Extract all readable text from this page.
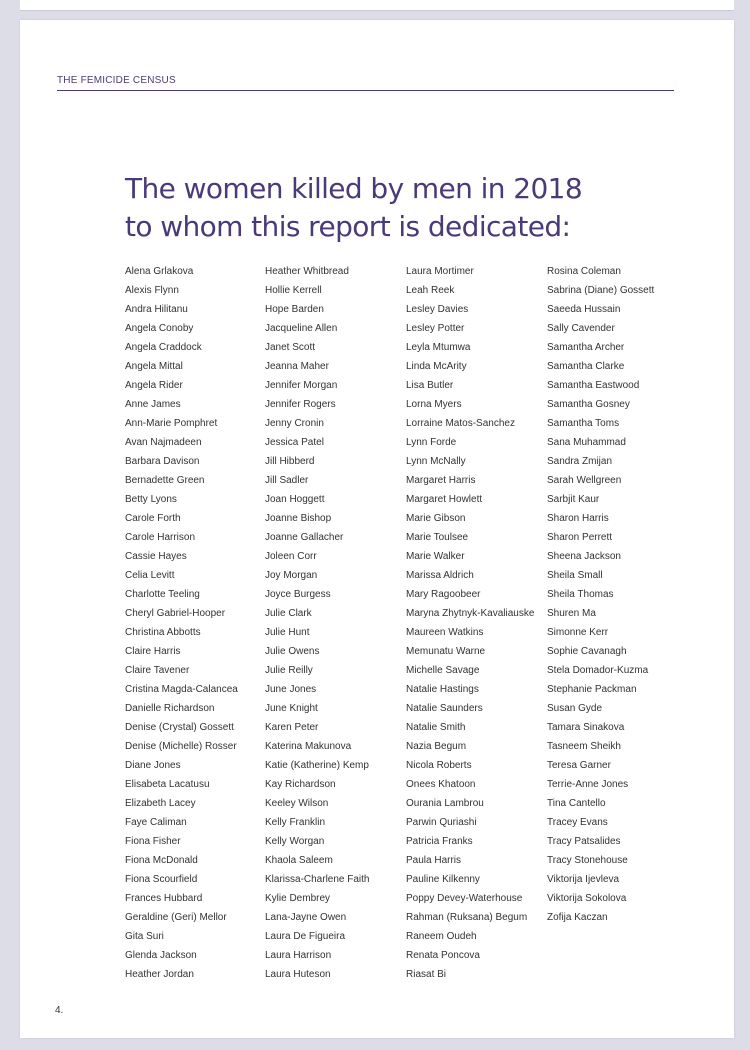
THE FEMICIDE CENSUS
The women killed by men in 2018
to whom this report is dedicated:
Alena Grlakova
Alexis Flynn
Andra Hilitanu
Angela Conoby
Angela Craddock
Angela Mittal
Angela Rider
Anne James
Ann-Marie Pomphret
Avan Najmadeen
Barbara Davison
Bernadette Green
Betty Lyons
Carole Forth
Carole Harrison
Cassie Hayes
Celia Levitt
Charlotte Teeling
Cheryl Gabriel-Hooper
Christina Abbotts
Claire Harris
Claire Tavener
Cristina Magda-Calancea
Danielle Richardson
Denise (Crystal) Gossett
Denise (Michelle) Rosser
Diane Jones
Elisabeta Lacatusu
Elizabeth Lacey
Faye Caliman
Fiona Fisher
Fiona McDonald
Fiona Scourfield
Frances Hubbard
Geraldine (Geri) Mellor
Gita Suri
Glenda Jackson
Heather Jordan
Heather Whitbread
Hollie Kerrell
Hope Barden
Jacqueline Allen
Janet Scott
Jeanna Maher
Jennifer Morgan
Jennifer Rogers
Jenny Cronin
Jessica Patel
Jill Hibberd
Jill Sadler
Joan Hoggett
Joanne Bishop
Joanne Gallacher
Joleen Corr
Joy Morgan
Joyce Burgess
Julie Clark
Julie Hunt
Julie Owens
Julie Reilly
June Jones
June Knight
Karen Peter
Katerina Makunova
Katie (Katherine) Kemp
Kay Richardson
Keeley Wilson
Kelly Franklin
Kelly Worgan
Khaola Saleem
Klarissa-Charlene Faith
Kylie Dembrey
Lana-Jayne Owen
Laura De Figueira
Laura Harrison
Laura Huteson
Laura Mortimer
Leah Reek
Lesley Davies
Lesley Potter
Leyla Mtumwa
Linda McArity
Lisa Butler
Lorna Myers
Lorraine Matos-Sanchez
Lynn Forde
Lynn McNally
Margaret Harris
Margaret Howlett
Marie Gibson
Marie Toulsee
Marie Walker
Marissa Aldrich
Mary Ragoobeer
Maryna Zhytnyk-Kavaliauske
Maureen Watkins
Memunatu Warne
Michelle Savage
Natalie Hastings
Natalie Saunders
Natalie Smith
Nazia Begum
Nicola Roberts
Onees Khatoon
Ourania Lambrou
Parwin Quriashi
Patricia Franks
Paula Harris
Pauline Kilkenny
Poppy Devey-Waterhouse
Rahman (Ruksana) Begum
Raneem Oudeh
Renata Poncova
Riasat Bi
Rosina Coleman
Sabrina (Diane) Gossett
Saeeda Hussain
Sally Cavender
Samantha Archer
Samantha Clarke
Samantha Eastwood
Samantha Gosney
Samantha Toms
Sana Muhammad
Sandra Zmijan
Sarah Wellgreen
Sarbjit Kaur
Sharon Harris
Sharon Perrett
Sheena Jackson
Sheila Small
Sheila Thomas
Shuren Ma
Simonne Kerr
Sophie Cavanagh
Stela Domador-Kuzma
Stephanie Packman
Susan Gyde
Tamara Sinakova
Tasneem Sheikh
Teresa Garner
Terrie-Anne Jones
Tina Cantello
Tracey Evans
Tracy Patsalides
Tracy Stonehouse
Viktorija Ijevleva
Viktorija Sokolova
Zofija Kaczan
4.
